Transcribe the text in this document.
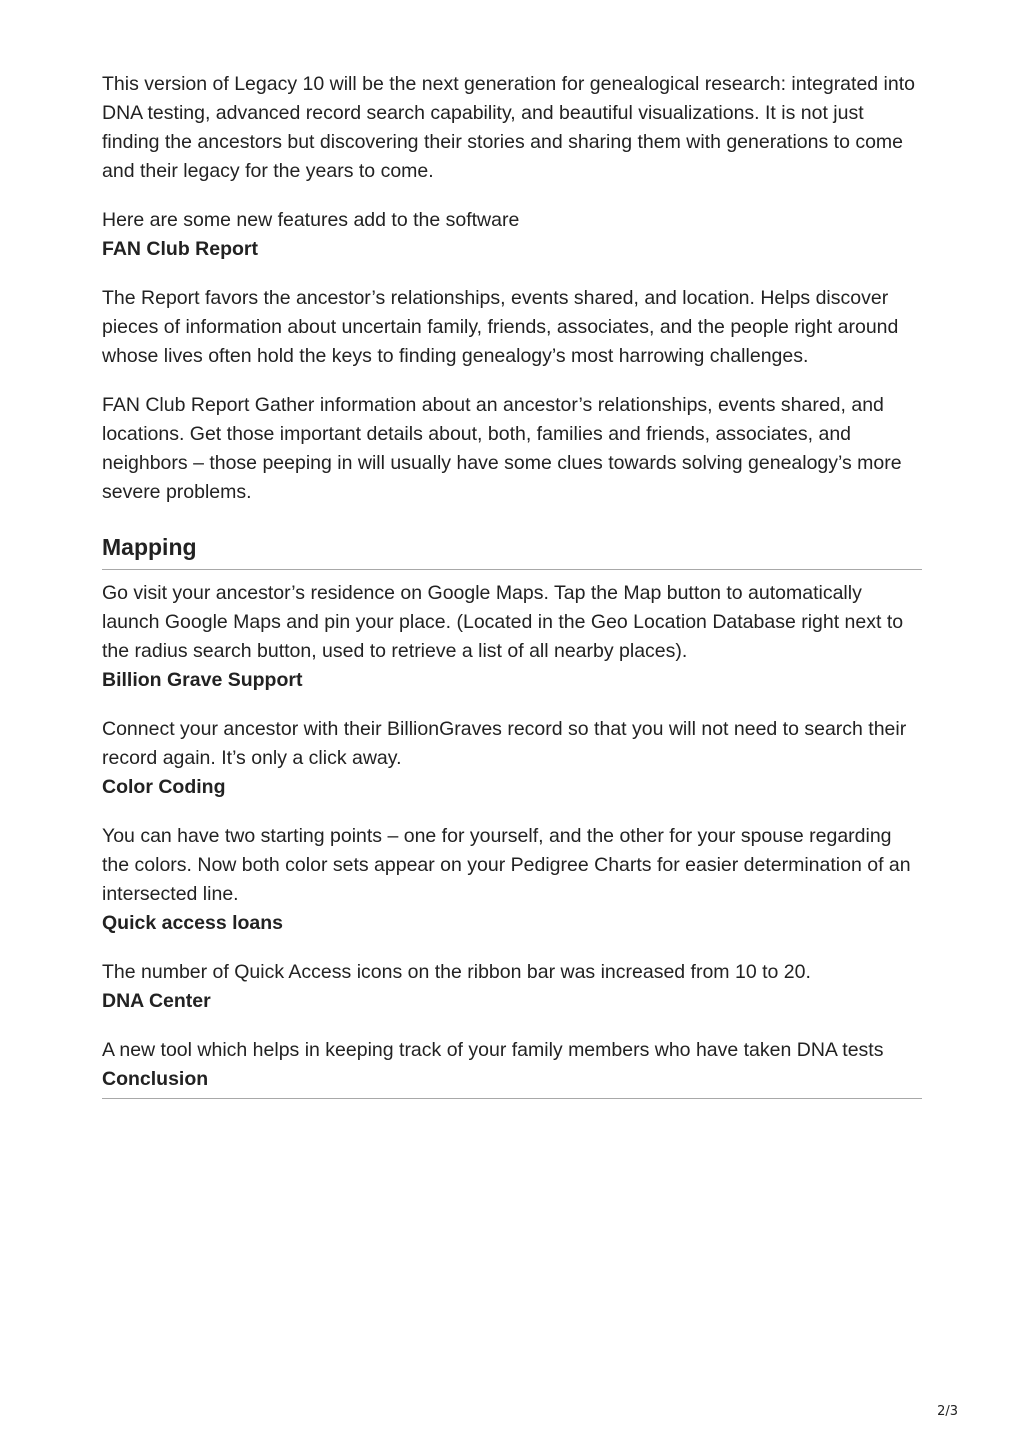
This version of Legacy 10 will be the next generation for genealogical research: integrated into DNA testing, advanced record search capability, and beautiful visualizations. It is not just finding the ancestors but discovering their stories and sharing them with generations to come and their legacy for the years to come.

Here are some new features add to the software

FAN Club Report

The Report favors the ancestor’s relationships, events shared, and location. Helps discover pieces of information about uncertain family, friends, associates, and the people right around whose lives often hold the keys to finding genealogy’s most harrowing challenges.

FAN Club Report Gather information about an ancestor’s relationships, events shared, and locations. Get those important details about, both, families and friends, associates, and neighbors – those peeping in will usually have some clues towards solving genealogy’s more severe problems.

Mapping

Go visit your ancestor’s residence on Google Maps. Tap the Map button to automatically launch Google Maps and pin your place. (Located in the Geo Location Database right next to the radius search button, used to retrieve a list of all nearby places).

Billion Grave Support

Connect your ancestor with their BillionGraves record so that you will not need to search their record again. It’s only a click away.

Color Coding

You can have two starting points – one for yourself, and the other for your spouse regarding the colors. Now both color sets appear on your Pedigree Charts for easier determination of an intersected line.

Quick access loans

The number of Quick Access icons on the ribbon bar was increased from 10 to 20.

DNA Center

A new tool which helps in keeping track of your family members who have taken DNA tests

Conclusion
2/3
